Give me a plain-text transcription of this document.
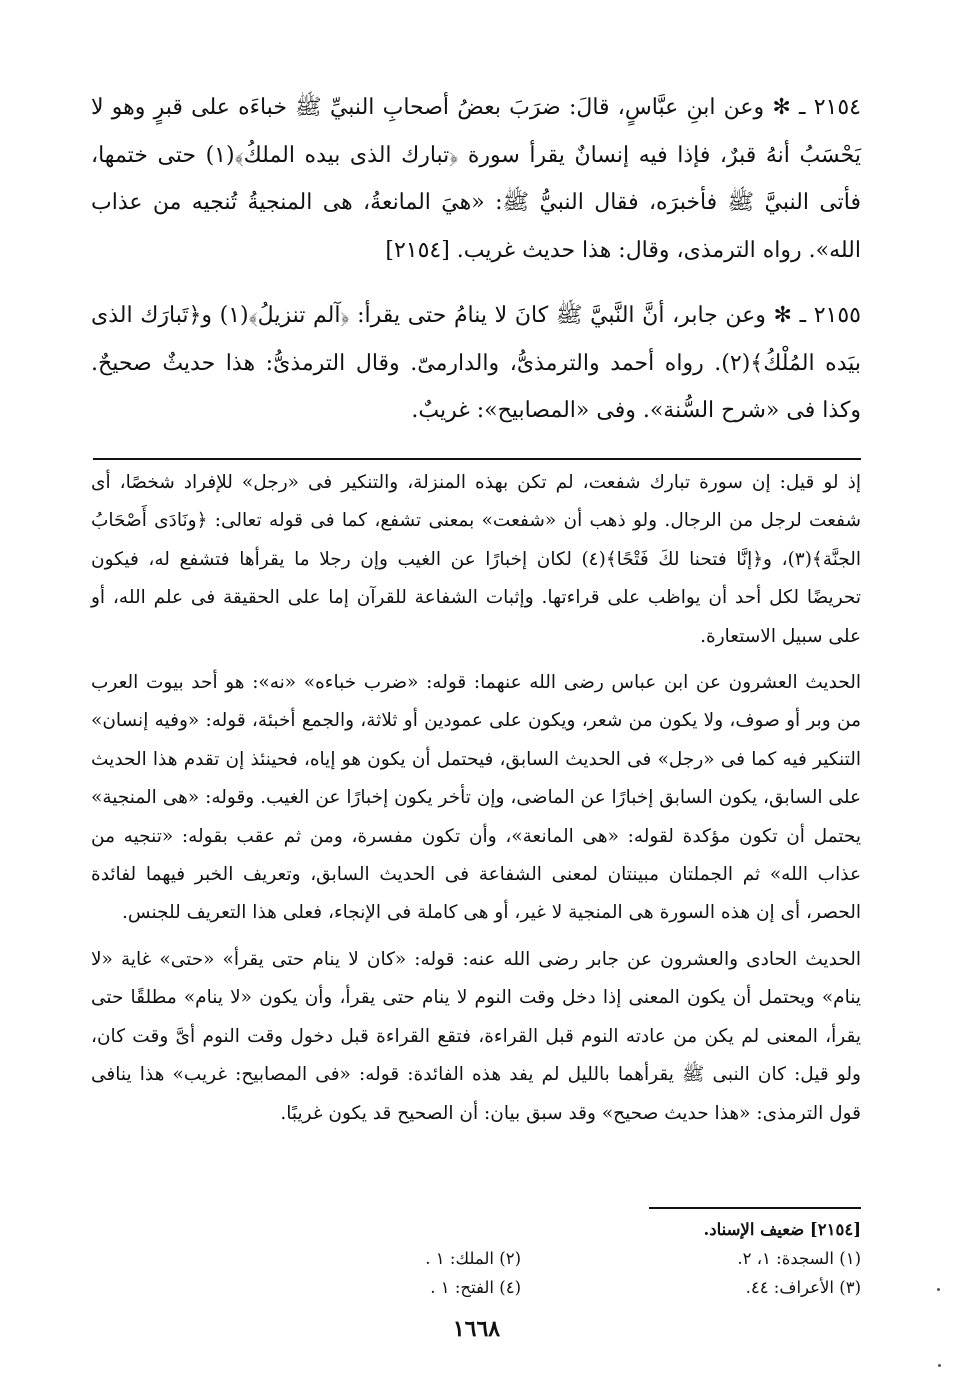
٢١٥٤ ـ ✻ وعن ابنِ عبَّاسٍ، قالَ: ضرَبَ بعضُ أصحابِ النبيِّ ﷺ خباءَه على قبرٍ وهو لا يَحْسَبُ أنهُ قبرٌ، فإذا فيه إنسانٌ يقرأ سورة ﴿تبارك الذى بيده الملكُ﴾(١) حتى ختمها، فأتى النبيَّ ﷺ فأخبرَه، فقال النبيُّ ﷺ: «هيَ المانعةُ، هى المنجيةُ تُنجيه من عذاب الله». رواه الترمذى، وقال: هذا حديث غريب. [٢١٥٤]

٢١٥٥ ـ ✻ وعن جابر، أنَّ النَّبيَّ ﷺ كانَ لا ينامُ حتى يقرأ: ﴿آلم تنزيلُ﴾(١) و﴿تَبارَك الذى بيَده المُلْكُ﴾(٢). رواه أحمد والترمذىُّ، والدارمىّ. وقال الترمذىُّ: هذا حديثٌ صحيحٌ. وكذا فى «شرح السُّنة». وفى «المصابيح»: غريبٌ.

إذ لو قيل: إن سورة تبارك شفعت، لم تكن بهذه المنزلة، والتنكير فى «رجل» للإفراد شخصًا، أى شفعت لرجل من الرجال. ولو ذهب أن «شفعت» بمعنى تشفع، كما فى قوله تعالى: ﴿ونَادَى أَصْحَابُ الجنَّة﴾(٣)، و﴿إنَّا فتحنا لكَ فَتْحًا﴾(٤) لكان إخبارًا عن الغيب وإن رجلا ما يقرأها فتشفع له، فيكون تحريضًا لكل أحد أن يواظب على قراءتها. وإثبات الشفاعة للقرآن إما على الحقيقة فى علم الله، أو على سبيل الاستعارة.

الحديث العشرون عن ابن عباس رضى الله عنهما: قوله: «ضرب خباءه» «نه»: هو أحد بيوت العرب من وبر أو صوف، ولا يكون من شعر، ويكون على عمودين أو ثلاثة، والجمع أخبئة، قوله: «وفيه إنسان» التنكير فيه كما فى «رجل» فى الحديث السابق، فيحتمل أن يكون هو إياه، فحينئذ إن تقدم هذا الحديث على السابق، يكون السابق إخبارًا عن الماضى، وإن تأخر يكون إخبارًا عن الغيب. وقوله: «هى المنجية» يحتمل أن تكون مؤكدة لقوله: «هى المانعة»، وأن تكون مفسرة، ومن ثم عقب بقوله: «تنجيه من عذاب الله» ثم الجملتان مبينتان لمعنى الشفاعة فى الحديث السابق، وتعريف الخبر فيهما لفائدة الحصر، أى إن هذه السورة هى المنجية لا غير، أو هى كاملة فى الإنجاء، فعلى هذا التعريف للجنس.

الحديث الحادى والعشرون عن جابر رضى الله عنه: قوله: «كان لا ينام حتى يقرأ» «حتى» غاية «لا ينام» ويحتمل أن يكون المعنى إذا دخل وقت النوم لا ينام حتى يقرأ، وأن يكون «لا ينام» مطلقًا حتى يقرأ، المعنى لم يكن من عادته النوم قبل القراءة، فتقع القراءة قبل دخول وقت النوم أىَّ وقت كان، ولو قيل: كان النبى ﷺ يقرأهما بالليل لم يفد هذه الفائدة: قوله: «فى المصابيح: غريب» هذا ينافى قول الترمذى: «هذا حديث صحيح» وقد سبق بيان: أن الصحيح قد يكون غريبًا.

[٢١٥٤] ضعيف الإسناد.
(١) السجدة: ١، ٢.
(٢) الملك: ١ .
(٣) الأعراف: ٤٤.
(٤) الفتح: ١ .
١٦٦٨
